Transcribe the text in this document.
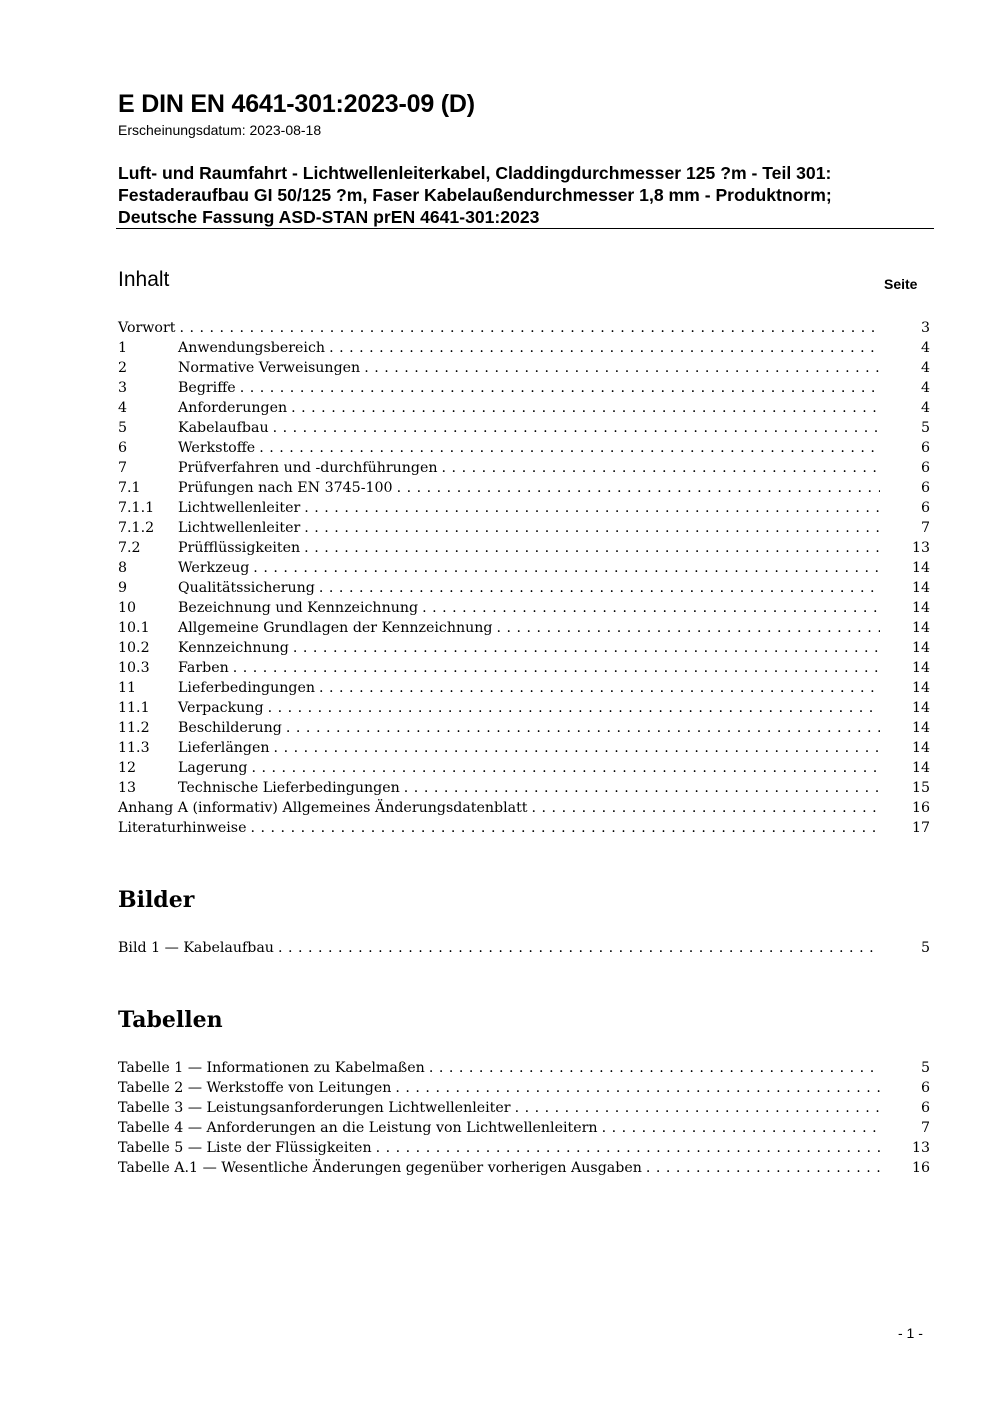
E DIN EN 4641-301:2023-09 (D)
Erscheinungsdatum: 2023-08-18
Luft- und Raumfahrt - Lichtwellenleiterkabel, Claddingdurchmesser 125 ?m - Teil 301:
Festaderaufbau GI 50/125 ?m, Faser Kabelaußendurchmesser 1,8 mm - Produktnorm;
Deutsche Fassung ASD-STAN prEN 4641-301:2023
Inhalt	Seite
Vorwort . . .	3
1	Anwendungsbereich . . .	4
2	Normative Verweisungen . . .	4
3	Begriffe . . .	4
4	Anforderungen . . .	4
5	Kabelaufbau . . .	5
6	Werkstoffe . . .	6
7	Prüfverfahren und -durchführungen . . .	6
7.1	Prüfungen nach EN 3745-100 . . .	6
7.1.1	Lichtwellenleiter . . .	6
7.1.2	Lichtwellenleiter . . .	7
7.2	Prüfflüssigkeiten . . .	13
8	Werkzeug . . .	14
9	Qualitätssicherung . . .	14
10	Bezeichnung und Kennzeichnung . . .	14
10.1	Allgemeine Grundlagen der Kennzeichnung . . .	14
10.2	Kennzeichnung . . .	14
10.3	Farben . . .	14
11	Lieferbedingungen . . .	14
11.1	Verpackung . . .	14
11.2	Beschilderung . . .	14
11.3	Lieferlängen . . .	14
12	Lagerung . . .	14
13	Technische Lieferbedingungen . . .	15
Anhang A (informativ) Allgemeines Änderungsdatenblatt . . .	16
Literaturhinweise . . .	17
Bilder
Bild 1 — Kabelaufbau . . .	5
Tabellen
Tabelle 1 — Informationen zu Kabelmaßen . . .	5
Tabelle 2 — Werkstoffe von Leitungen . . .	6
Tabelle 3 — Leistungsanforderungen Lichtwellenleiter . . .	6
Tabelle 4 — Anforderungen an die Leistung von Lichtwellenleitern . . .	7
Tabelle 5 — Liste der Flüssigkeiten . . .	13
Tabelle A.1 — Wesentliche Änderungen gegenüber vorherigen Ausgaben . . .	16
- 1 -
